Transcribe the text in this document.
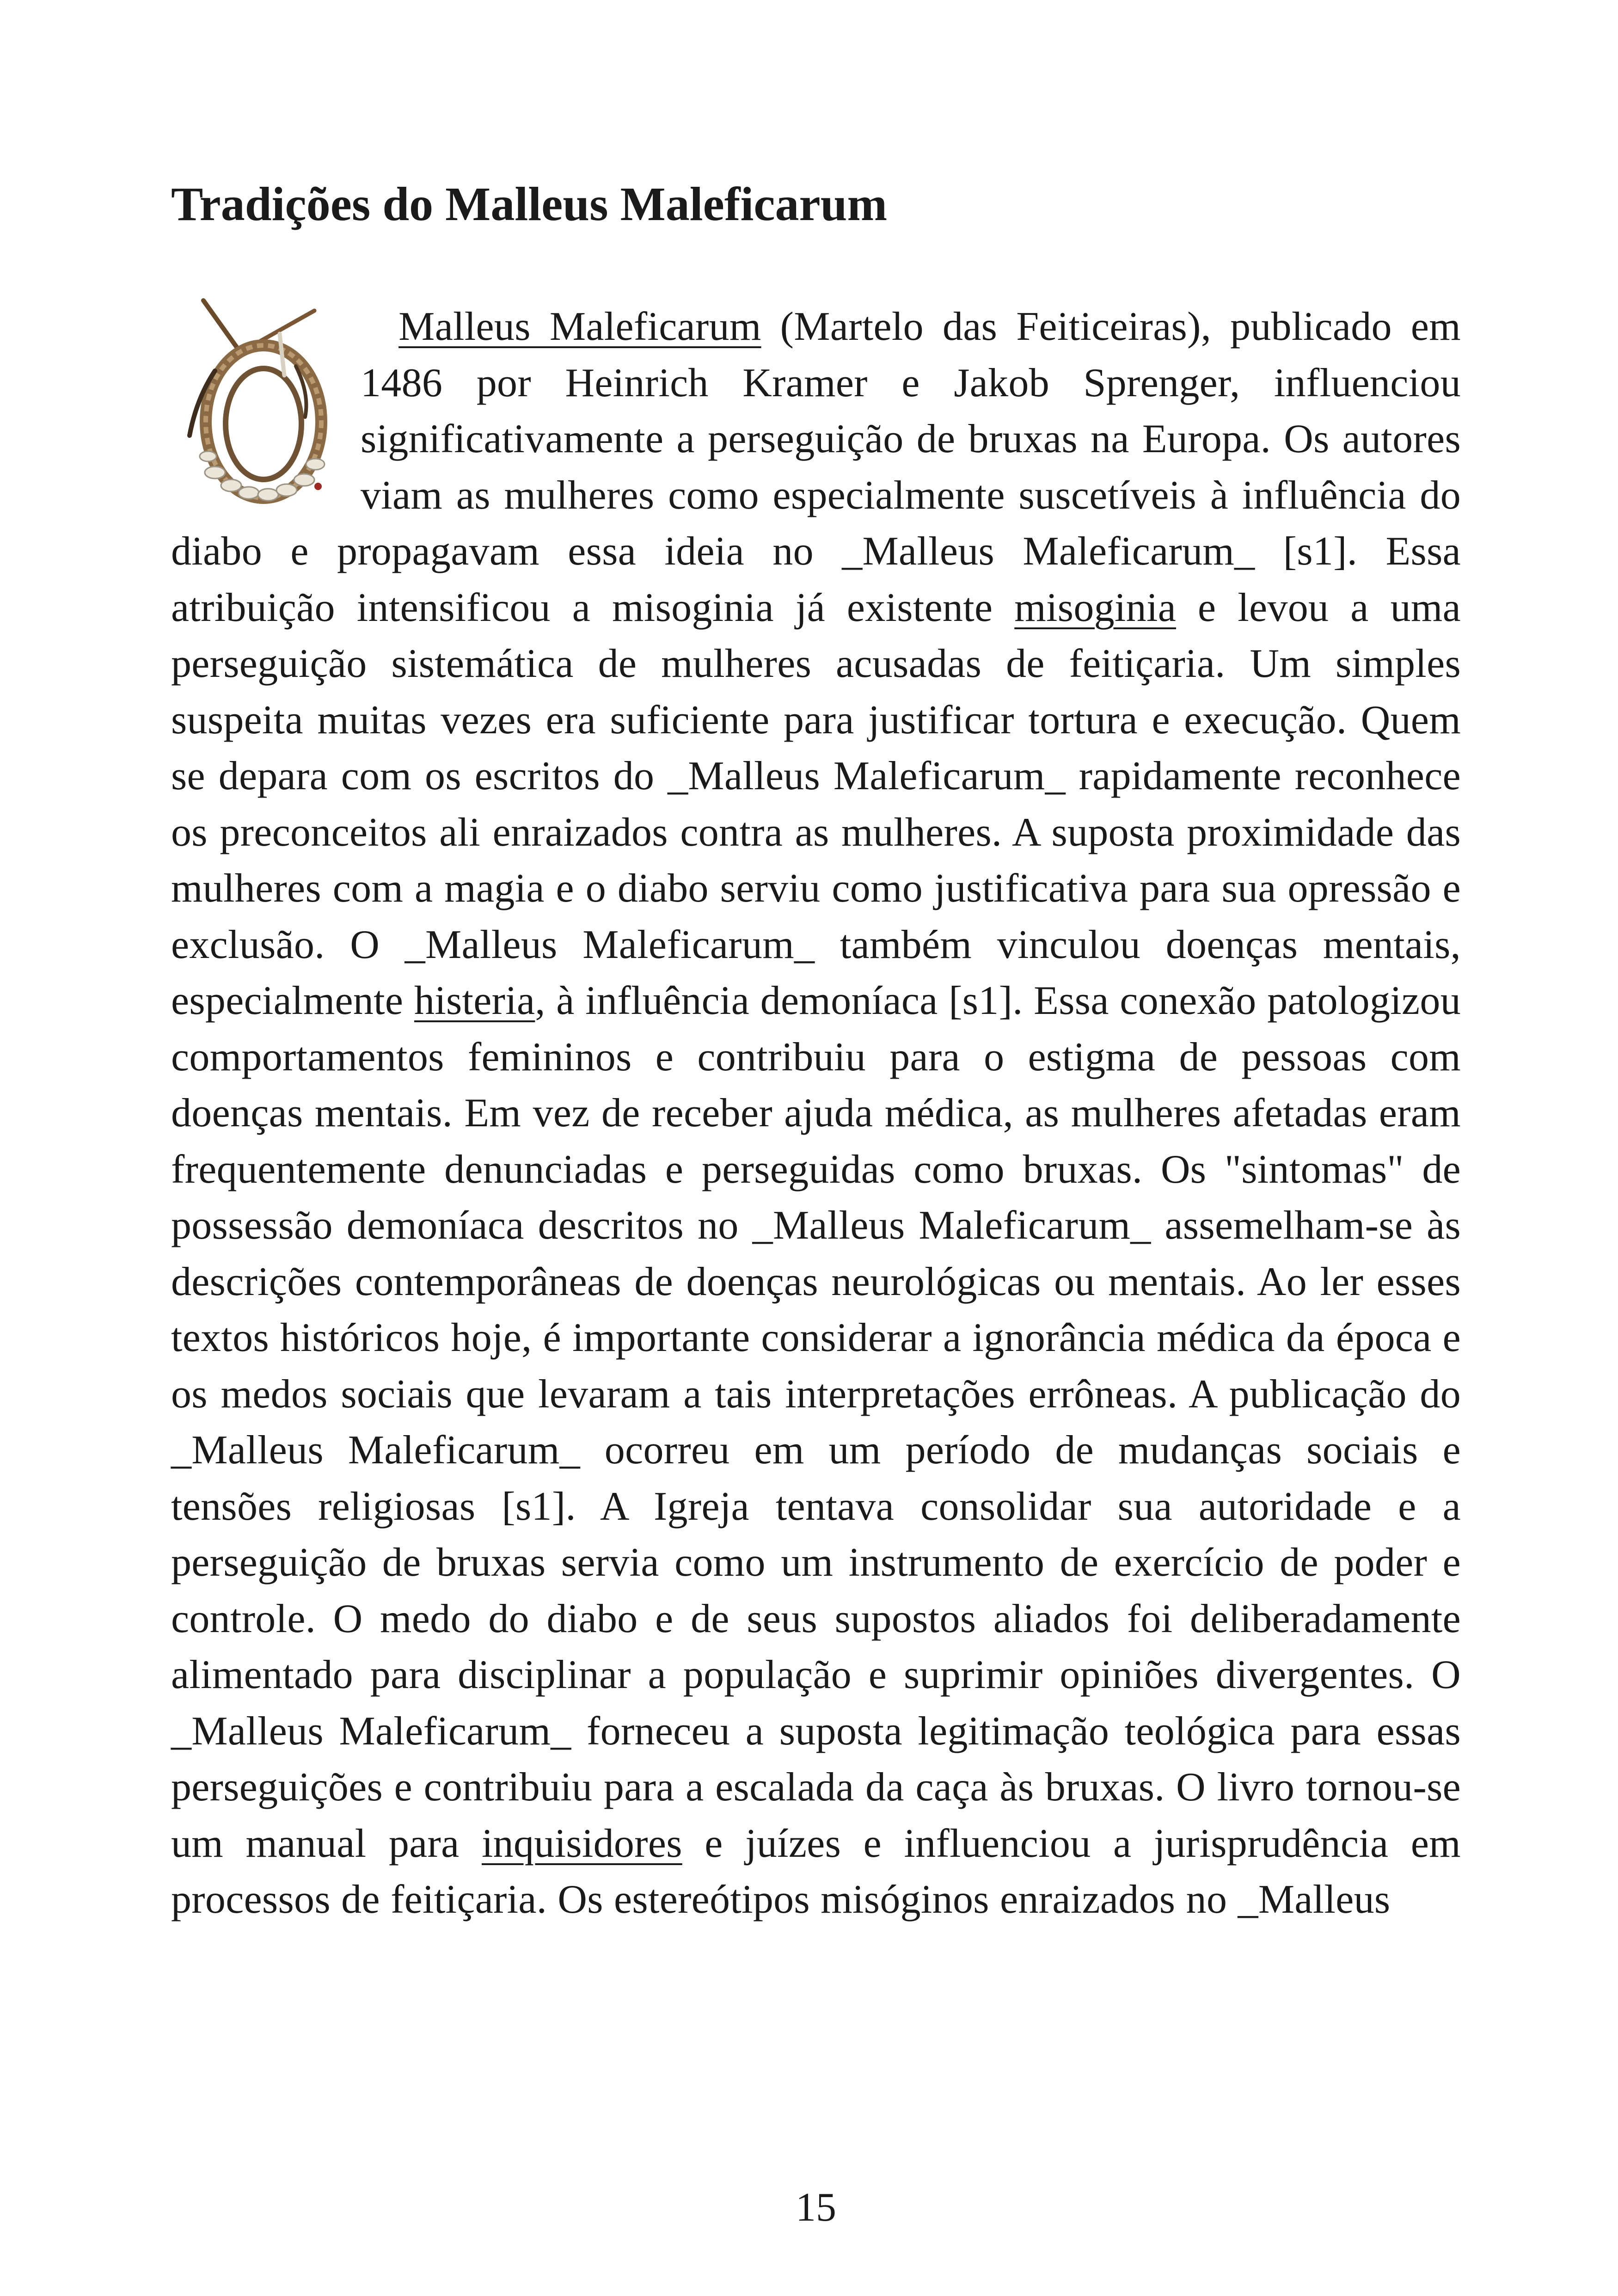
Tradições do Malleus Maleficarum
Malleus Maleficarum (Martelo das Feiticeiras), publicado em 1486 por Heinrich Kramer e Jakob Sprenger, influenciou significativamente a perseguição de bruxas na Europa. Os autores viam as mulheres como especialmente suscetíveis à influência do diabo e propagavam essa ideia no _Malleus Maleficarum_ [s1]. Essa atribuição intensificou a misoginia já existente misoginia e levou a uma perseguição sistemática de mulheres acusadas de feitiçaria. Um simples suspeita muitas vezes era suficiente para justificar tortura e execução. Quem se depara com os escritos do _Malleus Maleficarum_ rapidamente reconhece os preconceitos ali enraizados contra as mulheres. A suposta proximidade das mulheres com a magia e o diabo serviu como justificativa para sua opressão e exclusão. O _Malleus Maleficarum_ também vinculou doenças mentais, especialmente histeria, à influência demoníaca [s1]. Essa conexão patologizou comportamentos femininos e contribuiu para o estigma de pessoas com doenças mentais. Em vez de receber ajuda médica, as mulheres afetadas eram frequentemente denunciadas e perseguidas como bruxas. Os "sintomas" de possessão demoníaca descritos no _Malleus Maleficarum_ assemelham-se às descrições contemporâneas de doenças neurológicas ou mentais. Ao ler esses textos históricos hoje, é importante considerar a ignorância médica da época e os medos sociais que levaram a tais interpretações errôneas. A publicação do _Malleus Maleficarum_ ocorreu em um período de mudanças sociais e tensões religiosas [s1]. A Igreja tentava consolidar sua autoridade e a perseguição de bruxas servia como um instrumento de exercício de poder e controle. O medo do diabo e de seus supostos aliados foi deliberadamente alimentado para disciplinar a população e suprimir opiniões divergentes. O _Malleus Maleficarum_ forneceu a suposta legitimação teológica para essas perseguições e contribuiu para a escalada da caça às bruxas. O livro tornou-se um manual para inquisidores e juízes e influenciou a jurisprudência em processos de feitiçaria. Os estereótipos misóginos enraizados no _Malleus
15
